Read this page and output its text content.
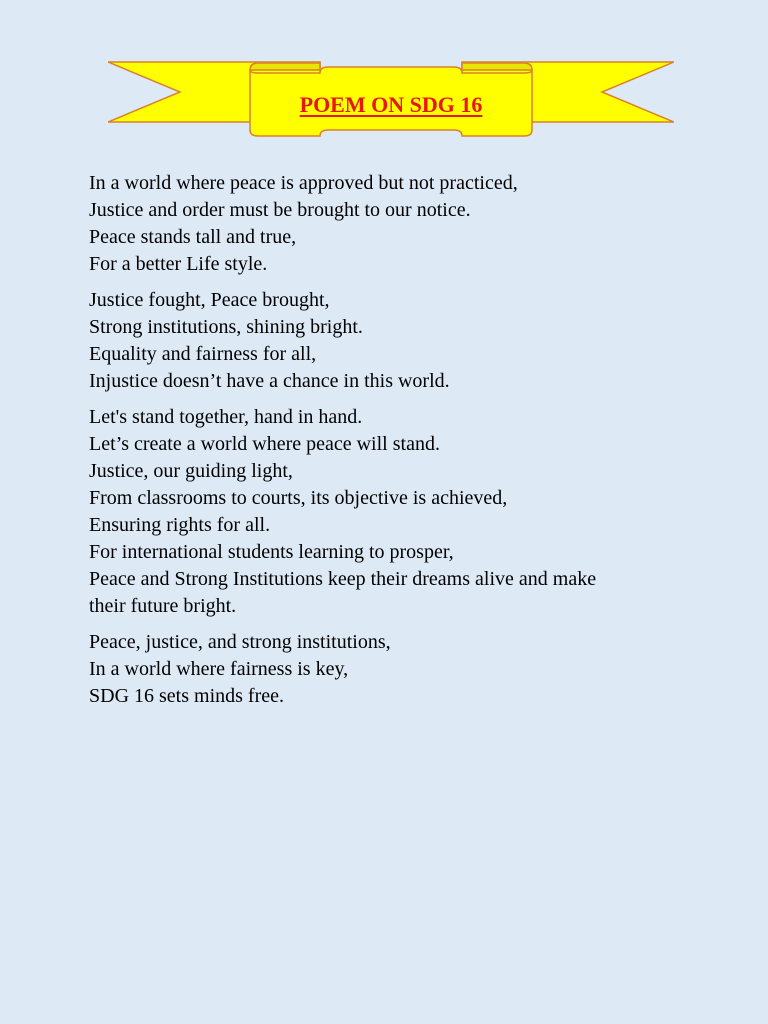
POEM ON SDG 16
In a world where peace is approved but not practiced,
Justice and order must be brought to our notice.
Peace stands tall and true,
For a better Life style.
Justice fought, Peace brought,
Strong institutions, shining bright.
Equality and fairness for all,
Injustice doesn’t have a chance in this world.
Let's stand together, hand in hand.
Let’s create a world where peace will stand.
Justice, our guiding light,
From classrooms to courts, its objective is achieved,
Ensuring rights for all.
For international students learning to prosper,
Peace and Strong Institutions keep their dreams alive and make
their future bright.
Peace, justice, and strong institutions,
In a world where fairness is key,
SDG 16 sets minds free.
